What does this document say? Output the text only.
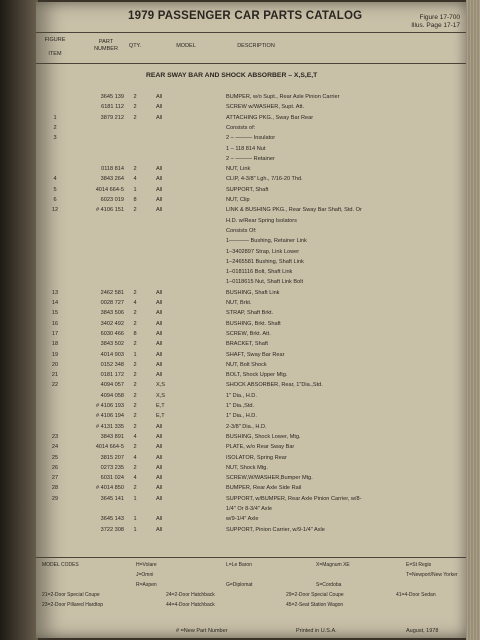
1979 PASSENGER CAR PARTS CATALOG	Figure 17-700
Illus. Page 17-17
FIGURE
ITEM
PART
NUMBER	QTY.	MODEL	DESCRIPTION
REAR SWAY BAR AND SHOCK ABSORBER – X,S,E,T
3645 139	2	All	BUMPER, w/o Supt., Rear Axle Pinion Carrier
6181 112	2	All	SCREW w/WASHER, Supt. Att.
1	3879 212	2	All	ATTACHING PKG., Sway Bar Rear
2	Consists of:
3	2 – ——— Insulator
1 – 118 814 Nut
2 – ——— Retainer
0118 814	2	All	NUT, Link
4	3843 264	4	All	CLIP, 4-3/8" Lgh., 7/16-20 Thd.
5	4014 664-5	1	All	SUPPORT, Shaft
6	6023 019	8	All	NUT, Clip
12	# 4106 151	2	All	LINK & BUSHING PKG., Rear Sway Bar Shaft, Std. Or
H.D. w/Rear Spring Isolators
Consists Of:
1–——— Bushing, Retainer Link
1–3402897 Strap, Link Lower
1–2465581 Bushing, Shaft Link
1–0181116 Bolt, Shaft Link
1–0118615 Nut, Shaft Link Bolt
13	2462 581	2	All	BUSHING, Shaft Link
14	0028 727	4	All	NUT, Brkt.
15	3843 506	2	All	STRAP, Shaft Brkt.
16	3402 492	2	All	BUSHING, Brkt. Shaft
17	6030 466	8	All	SCREW, Brkt. Att.
18	3843 502	2	All	BRACKET, Shaft
19	4014 903	1	All	SHAFT, Sway Bar Rear
20	0152 348	2	All	NUT, Bolt Shock
21	0181 172	2	All	BOLT, Shock Upper Mtg.
22	4094 057	2	X,S	SHOCK ABSORBER, Rear, 1"Dia.,Std.
4094 058	2	X,S	1" Dia., H.D.
# 4106 193	2	E,T	1" Dia.,Std.
# 4106 194	2	E,T	1" Dia., H.D.
# 4131 335	2	All	2-3/8" Dia., H.D.
23	3843 891	4	All	BUSHING, Shock Lower, Mtg.
24	4014 664-5	2	All	PLATE, w/o Rear Sway Bar
25	3815 207	4	All	ISOLATOR, Spring Rear
26	0273 235	2	All	NUT, Shock Mtg.
27	6031 024	4	All	SCREW,W/WASHER,Bumper Mtg.
28	# 4014 850	2	All	BUMPER, Rear Axle Side Rail
29	3645 141	1	All	SUPPORT, w/BUMPER, Rear Axle Pinion Carrier, w/8-
1/4" Or 8-3/4" Axle
3645 143	1	All	w/9-1/4" Axle
3722 308	1	All	SUPPORT, Pinion Carrier, w/9-1/4" Axle
MODEL CODES	H=Volare	L=Le Baron	X=Magnum XE	E=St Regis
J=Omni	T=Newport/New Yorker
R=Aspen	G=Diplomat	S=Cordoba
21=2-Door Special Coupe	24=2-Door Hatchback	29=2-Door Special Coupe	41=4-Door Sedan
23=2-Door Pillared Hardtop	44=4-Door Hatchback	45=2-Seat Station Wagon
# =New Part Number	Printed in U.S.A.	August, 1978
